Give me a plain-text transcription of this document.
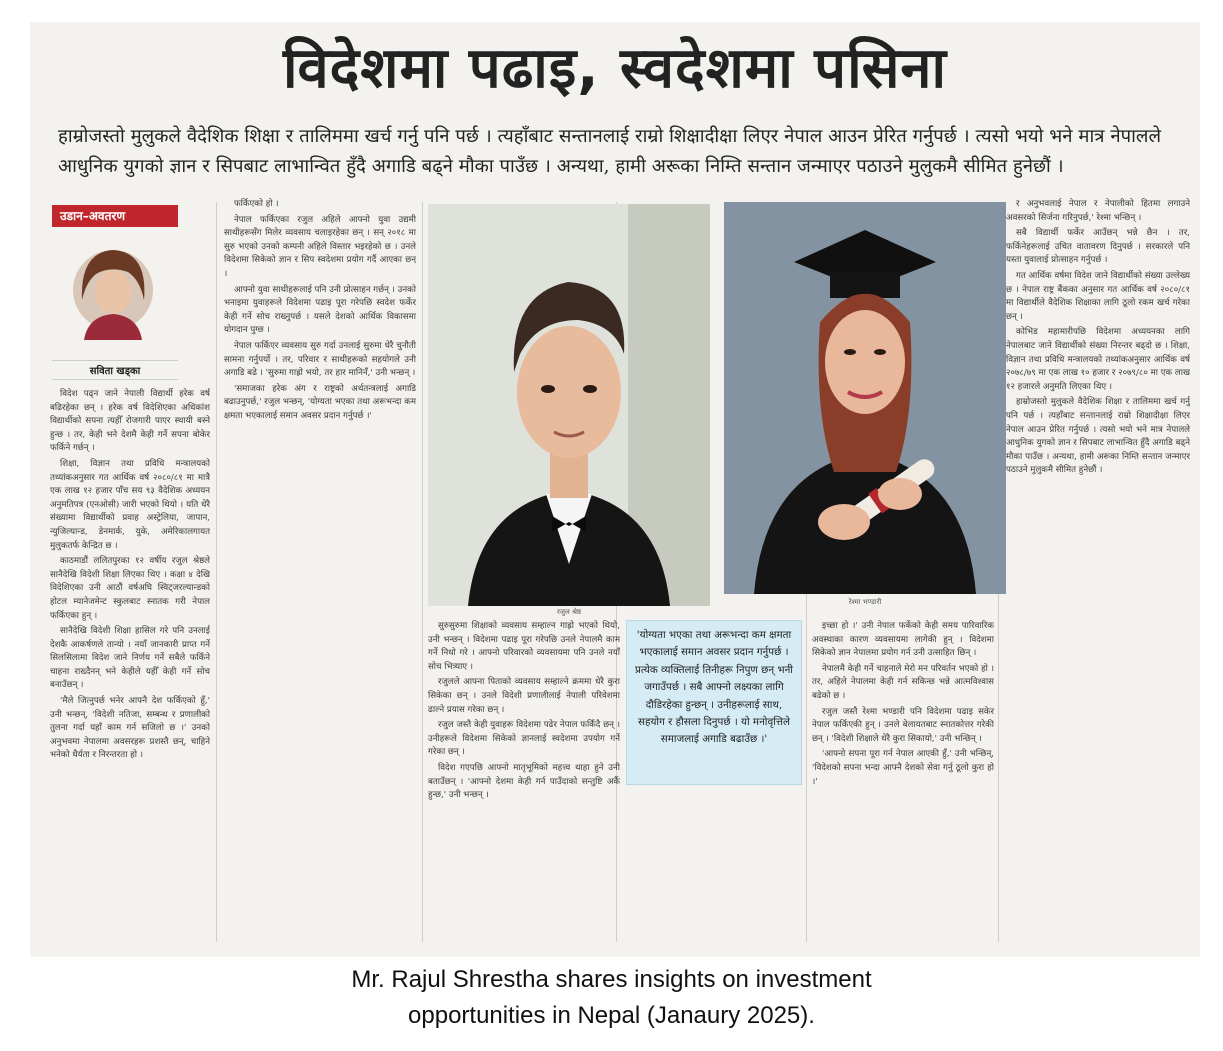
विदेशमा पढाइ, स्वदेशमा पसिना
हाम्रोजस्तो मुलुकले वैदेशिक शिक्षा र तालिममा खर्च गर्नु पनि पर्छ । त्यहाँबाट सन्तानलाई राम्रो शिक्षादीक्षा लिएर नेपाल आउन प्रेरित गर्नुपर्छ । त्यसो भयो भने मात्र नेपालले आधुनिक युगको ज्ञान र सिपबाट लाभान्वित हुँदै अगाडि बढ्ने मौका पाउँछ । अन्यथा, हामी अरूका निम्ति सन्तान जन्माएर पठाउने मुलुकमै सीमित हुनेछौं ।
उडान–अवतरण
सविता खड्का

विदेश पढ्न जाने नेपाली विद्यार्थी हरेक वर्ष बढिरहेका छन् । हरेक वर्ष विदेशिएका अधिकांश विद्यार्थीको सपना त्यहीँ रोजगारी पाएर स्थायी बस्ने हुन्छ । तर, केही भने देशमै केही गर्ने सपना बोकेर फर्किने गर्छन् ।

शिक्षा, विज्ञान तथा प्रविधि मन्त्रालयको तथ्यांकअनुसार गत आर्थिक वर्ष २०८०/८१ मा मात्रै एक लाख १२ हजार पाँच सय ९३ वैदेशिक अध्ययन अनुमतिपत्र (एनओसी) जारी भएको थियो । यति धेरै संख्यामा विद्यार्थीको प्रवाह अस्ट्रेलिया, जापान, न्युजिल्यान्ड, डेनमार्क, युके, अमेरिकालगायत मुलुकतर्फ केन्द्रित छ ।

काठमाडौं ललितपुरका १२ वर्षीय रजुल श्रेष्ठले सानैदेखि विदेशी शिक्षा लिएका थिए । कक्षा ४ देखि विदेशिएका उनी आठौं वर्षअघि स्विट्जरल्यान्डको होटल म्यानेजमेन्ट स्कुलबाट स्नातक गरी नेपाल फर्किएका हुन् ।

सानैदेखि विदेशी शिक्षा हासिल गरे पनि उनलाई देशकै आकर्षणले तान्यो । नयाँ जानकारी प्राप्त गर्ने सिलसिलामा विदेश जाने निर्णय गर्ने सबैले फर्किने चाहना राख्दैनन् भने केहीले यहीँ केही गर्ने सोच बनाउँछन् ।

'मैले जित्नुपर्छ भनेर आफ्नै देश फर्किएको हुँ,' उनी भन्छन्, 'विदेशी नतिजा, सम्बन्ध र प्रणालीको तुलना गर्दा यहाँ काम गर्न सजिलो छ ।' उनको अनुभवमा नेपालमा अवसरहरू प्रशस्तै छन्, चाहिने भनेको धैर्यता र निरन्तरता हो ।

फर्किएको हो ।

नेपाल फर्किएका रजुल अहिले आफ्नो युवा उद्यमी साथीहरूसँग मिलेर व्यवसाय चलाइरहेका छन् । सन् २०१८ मा सुरु भएको उनको कम्पनी अहिले विस्तार भइरहेको छ । उनले विदेशमा सिकेको ज्ञान र सिप स्वदेशमा प्रयोग गर्दै आएका छन् ।

आफ्नो युवा साथीहरूलाई पनि उनी प्रोत्साहन गर्छन् । उनको भनाइमा युवाहरूले विदेशमा पढाइ पूरा गरेपछि स्वदेश फर्केर केही गर्ने सोच राख्नुपर्छ । यसले देशको आर्थिक विकासमा योगदान पुग्छ ।

नेपाल फर्किएर व्यवसाय सुरु गर्दा उनलाई सुरुमा धेरै चुनौती सामना गर्नुपर्यो । तर, परिवार र साथीहरूको सहयोगले उनी अगाडि बढे । 'सुरुमा गाह्रो भयो, तर हार मानिनँ,' उनी भन्छन् ।

'समाजका हरेक अंग र राष्ट्रको अर्थतन्त्रलाई अगाडि बढाउनुपर्छ,' रजुल भन्छन्, 'योग्यता भएका तथा अरूभन्दा कम क्षमता भएकालाई समान अवसर प्रदान गर्नुपर्छ ।'

रजुल श्रेष्ठ
रेश्मा भण्डारी

सुरुसुरुमा शिक्षाको व्यवसाय सम्हाल्न गाह्रो भएको थियो, उनी भन्छन् । विदेशमा पढाइ पूरा गरेपछि उनले नेपालमै काम गर्ने निधो गरे । आफ्नो परिवारको व्यवसायमा पनि उनले नयाँ सोच भित्र्याए ।

रजुलले आफ्ना पिताको व्यवसाय सम्हाल्ने क्रममा धेरै कुरा सिकेका छन् । उनले विदेशी प्रणालीलाई नेपाली परिवेशमा ढाल्ने प्रयास गरेका छन् ।

रजुल जस्तै केही युवाहरू विदेशमा पढेर नेपाल फर्किंदै छन् । उनीहरूले विदेशमा सिकेको ज्ञानलाई स्वदेशमा उपयोग गर्ने गरेका छन् ।

विदेश गएपछि आफ्नो मातृभूमिको महत्त्व थाहा हुने उनी बताउँछन् । 'आफ्नो देशमा केही गर्न पाउँदाको सन्तुष्टि अर्कै हुन्छ,' उनी भन्छन् ।

'योग्यता भएका तथा अरूभन्दा कम क्षमता भएकालाई समान अवसर प्रदान गर्नुपर्छ । प्रत्येक व्यक्तिलाई तिनीहरू निपुण छन् भनी जगाउँपर्छ । सबै आफ्नो लक्ष्यका लागि दौडिरहेका हुन्छन् । उनीहरूलाई साथ, सहयोग र हौसला दिनुपर्छ । यो मनोवृत्तिले समाजलाई अगाडि बढाउँछ ।'

इच्छा हो ।' उनी नेपाल फर्केको केही समय पारिवारिक अवस्थाका कारण व्यवसायमा लागेकी हुन् । विदेशमा सिकेको ज्ञान नेपालमा प्रयोग गर्न उनी उत्साहित छिन् ।

नेपालमै केही गर्ने चाहनाले मेरो मन परिवर्तन भएको हो । तर, अहिले नेपालमा केही गर्न सकिन्छ भन्ने आत्मविश्वास बढेको छ ।

रजुल जस्तै रेश्मा भण्डारी पनि विदेशमा पढाइ सकेर नेपाल फर्किएकी हुन् । उनले बेलायतबाट स्नातकोत्तर गरेकी छन् । 'विदेशी शिक्षाले धेरै कुरा सिकायो,' उनी भन्छिन् ।

'आफ्नो सपना पूरा गर्न नेपाल आएकी हुँ,' उनी भन्छिन्, 'विदेशको सपना भन्दा आफ्नै देशको सेवा गर्नु ठूलो कुरा हो ।'

र अनुभवलाई नेपाल र नेपालीको हितमा लगाउने अवसरको सिर्जना गरिनुपर्छ,' रेश्मा भन्छिन् ।

सबै विद्यार्थी फर्केर आउँछन् भन्ने छैन । तर, फर्किनेहरूलाई उचित वातावरण दिनुपर्छ । सरकारले पनि यस्ता युवालाई प्रोत्साहन गर्नुपर्छ ।

गत आर्थिक वर्षमा विदेश जाने विद्यार्थीको संख्या उल्लेख्य छ । नेपाल राष्ट्र बैंकका अनुसार गत आर्थिक वर्ष २०८०/८१ मा विद्यार्थीले वैदेशिक शिक्षाका लागि ठूलो रकम खर्च गरेका छन् ।

कोभिड महामारीपछि विदेशमा अध्ययनका लागि नेपालबाट जाने विद्यार्थीको संख्या निरन्तर बढ्दो छ । शिक्षा, विज्ञान तथा प्रविधि मन्त्रालयको तथ्यांकअनुसार आर्थिक वर्ष २०७८/७९ मा एक लाख १० हजार र २०७९/८० मा एक लाख १२ हजारले अनुमति लिएका थिए ।

हाम्रोजस्तो मुलुकले वैदेशिक शिक्षा र तालिममा खर्च गर्नु पनि पर्छ । त्यहाँबाट सन्तानलाई राम्रो शिक्षादीक्षा लिएर नेपाल आउन प्रेरित गर्नुपर्छ । त्यसो भयो भने मात्र नेपालले आधुनिक युगको ज्ञान र सिपबाट लाभान्वित हुँदै अगाडि बढ्ने मौका पाउँछ । अन्यथा, हामी अरूका निम्ति सन्तान जन्माएर पठाउने मुलुकमै सीमित हुनेछौं ।

Mr. Rajul Shrestha shares insights on investment
opportunities in Nepal (Janaury 2025).
